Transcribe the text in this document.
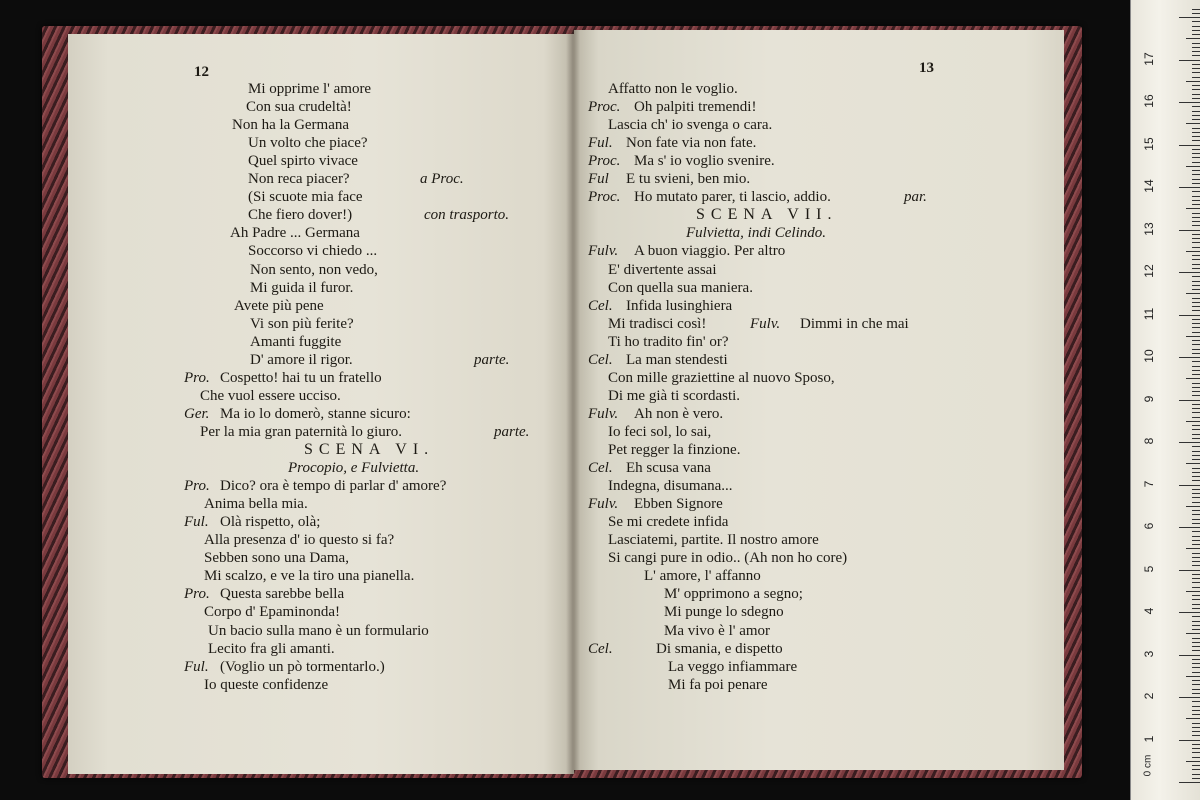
12
Mi opprime l' amore
Con sua crudeltà!
Non ha la Germana
Un volto che piace?
Quel spirto vivace
Non reca piacer?	a Proc.
(Si scuote mia face
Che fiero dover!)	con trasporto.
Ah Padre ... Germana
Soccorso vi chiedo ...
Non sento, non vedo,
Mi guida il furor.
Avete più pene
Vi son più ferite?
Amanti fuggite
D' amore il rigor.	parte.
Pro. Cospetto! hai tu un fratello
Che vuol essere ucciso.
Ger. Ma io lo domerò, stanne sicuro:
Per la mia gran paternità lo giuro.	parte.
SCENA VI.
Procopio, e Fulvietta.
Pro. Dico? ora è tempo di parlar d' amore?
Anima bella mia.
Ful. Olà rispetto, olà;
Alla presenza d' io questo si fa?
Sebben sono una Dama,
Mi scalzo, e ve la tiro una pianella.
Pro. Questa sarebbe bella
Corpo d' Epaminonda!
Un bacio sulla mano è un formulario
Lecito fra gli amanti.
Ful. (Voglio un pò tormentarlo.)
Io queste confidenze
13
Affatto non le voglio.
Proc. Oh palpiti tremendi!
Lascia ch' io svenga o cara.
Ful. Non fate via non fate.
Proc. Ma s' io voglio svenire.
Ful E tu svieni, ben mio.
Proc. Ho mutato parer, ti lascio, addio.	par.
SCENA VII.
Fulvietta, indi Celindo.
Fulv. A buon viaggio. Per altro
E' divertente assai
Con quella sua maniera.
Cel. Infida lusinghiera
Mi tradisci così!	Fulv. Dimmi in che mai
Ti ho tradito fin' or?
Cel. La man stendesti
Con mille graziettine al nuovo Sposo,
Di me già ti scordasti.
Fulv. Ah non è vero.
Io feci sol, lo sai,
Pet regger la finzione.
Cel. Eh scusa vana
Indegna, disumana...
Fulv. Ebben Signore
Se mi credete infida
Lasciatemi, partite. Il nostro amore
Si cangi pure in odio.. (Ah non ho core)
L' amore, l' affanno
M' opprimono a segno;
Mi punge lo sdegno
Ma vivo è l' amor
Cel.	Di smania, e dispetto
La veggo infiammare
Mi fa poi penare
0 cm
17
16
15
14
13
12
11
10
9
8
7
6
5
4
3
2
1
